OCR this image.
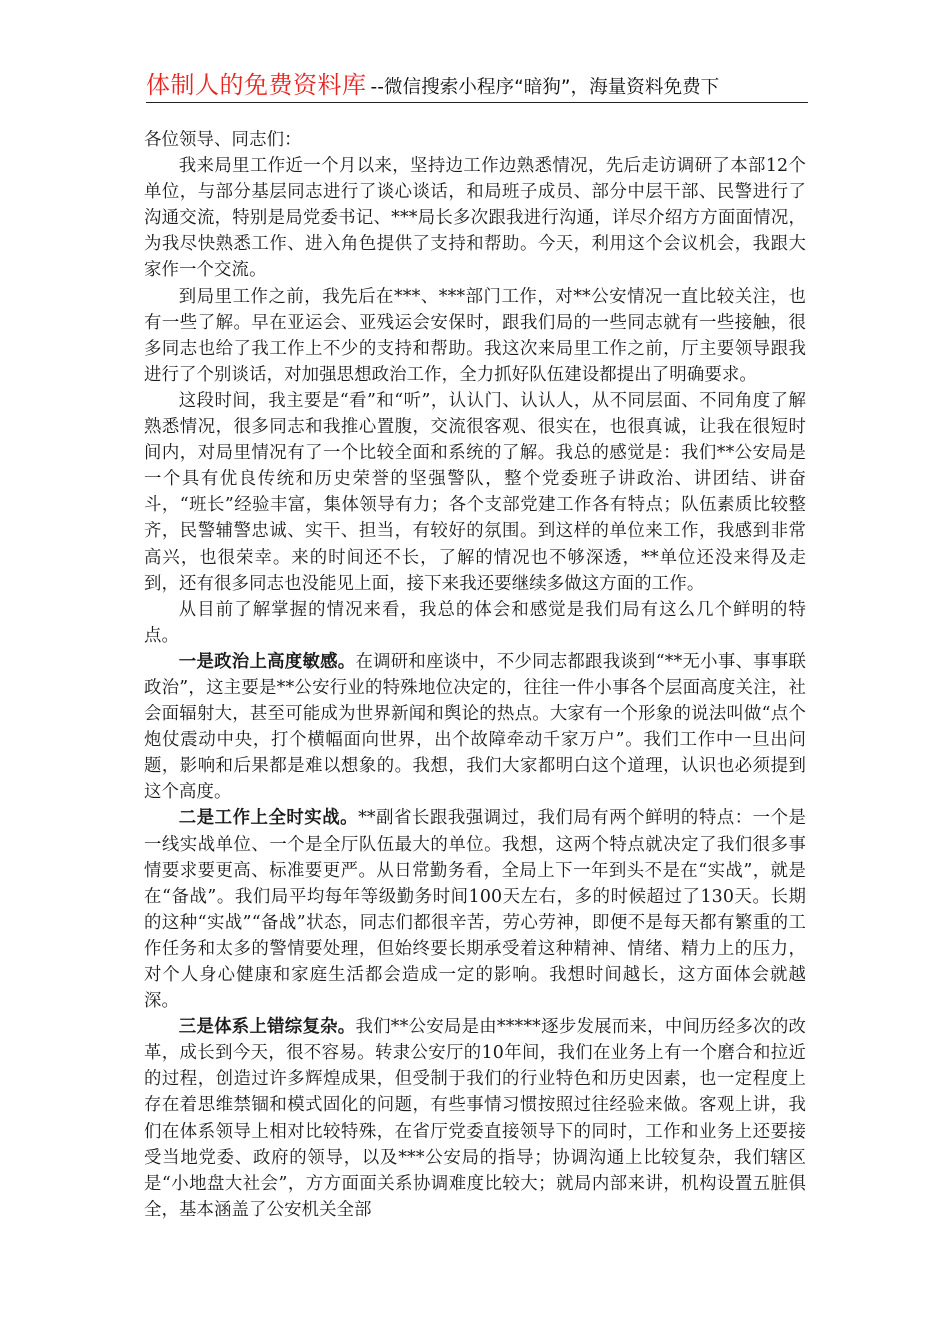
体制人的免费资料库 --微信搜索小程序“暗狗”，海量资料免费下

各位领导、同志们：

我来局里工作近一个月以来，坚持边工作边熟悉情况，先后走访调研了本部12个单位，与部分基层同志进行了谈心谈话，和局班子成员、部分中层干部、民警进行了沟通交流，特别是局党委书记、***局长多次跟我进行沟通，详尽介绍方方面面情况，为我尽快熟悉工作、进入角色提供了支持和帮助。今天，利用这个会议机会，我跟大家作一个交流。

到局里工作之前，我先后在***、***部门工作，对**公安情况一直比较关注，也有一些了解。早在亚运会、亚残运会安保时，跟我们局的一些同志就有一些接触，很多同志也给了我工作上不少的支持和帮助。我这次来局里工作之前，厅主要领导跟我进行了个别谈话，对加强思想政治工作，全力抓好队伍建设都提出了明确要求。

这段时间，我主要是“看”和“听”，认认门、认认人，从不同层面、不同角度了解熟悉情况，很多同志和我推心置腹，交流很客观、很实在，也很真诚，让我在很短时间内，对局里情况有了一个比较全面和系统的了解。我总的感觉是：我们**公安局是一个具有优良传统和历史荣誉的坚强警队，整个党委班子讲政治、讲团结、讲奋斗，“班长”经验丰富，集体领导有力；各个支部党建工作各有特点；队伍素质比较整齐，民警辅警忠诚、实干、担当，有较好的氛围。到这样的单位来工作，我感到非常高兴，也很荣幸。来的时间还不长，了解的情况也不够深透，**单位还没来得及走到，还有很多同志也没能见上面，接下来我还要继续多做这方面的工作。

从目前了解掌握的情况来看，我总的体会和感觉是我们局有这么几个鲜明的特点。

一是政治上高度敏感。在调研和座谈中，不少同志都跟我谈到“**无小事、事事联政治”，这主要是**公安行业的特殊地位决定的，往往一件小事各个层面高度关注，社会面辐射大，甚至可能成为世界新闻和舆论的热点。大家有一个形象的说法叫做“点个炮仗震动中央，打个横幅面向世界，出个故障牵动千家万户”。我们工作中一旦出问题，影响和后果都是难以想象的。我想，我们大家都明白这个道理，认识也必须提到这个高度。

二是工作上全时实战。**副省长跟我强调过，我们局有两个鲜明的特点：一个是一线实战单位、一个是全厅队伍最大的单位。我想，这两个特点就决定了我们很多事情要求要更高、标准要更严。从日常勤务看，全局上下一年到头不是在“实战”，就是在“备战”。我们局平均每年等级勤务时间100天左右，多的时候超过了130天。长期的这种“实战”“备战”状态，同志们都很辛苦，劳心劳神，即便不是每天都有繁重的工作任务和太多的警情要处理，但始终要长期承受着这种精神、情绪、精力上的压力，对个人身心健康和家庭生活都会造成一定的影响。我想时间越长，这方面体会就越深。

三是体系上错综复杂。我们**公安局是由*****逐步发展而来，中间历经多次的改革，成长到今天，很不容易。转隶公安厅的10年间，我们在业务上有一个磨合和拉近的过程，创造过许多辉煌成果，但受制于我们的行业特色和历史因素，也一定程度上存在着思维禁锢和模式固化的问题，有些事情习惯按照过往经验来做。客观上讲，我们在体系领导上相对比较特殊，在省厅党委直接领导下的同时，工作和业务上还要接受当地党委、政府的领导，以及***公安局的指导；协调沟通上比较复杂，我们辖区是“小地盘大社会”，方方面面关系协调难度比较大；就局内部来讲，机构设置五脏俱全，基本涵盖了公安机关全部
